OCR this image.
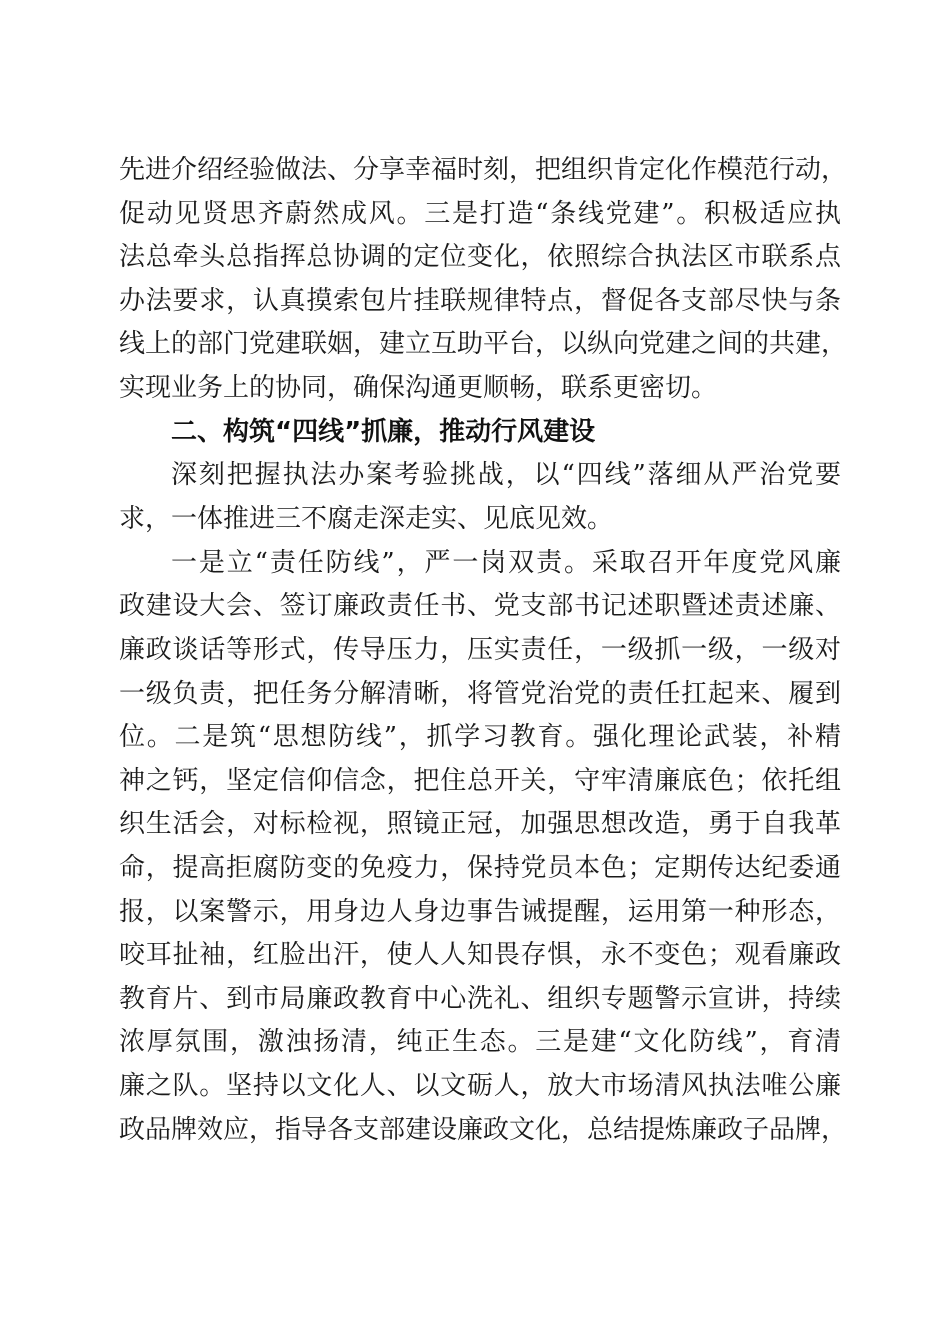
先进介绍经验做法、分享幸福时刻，把组织肯定化作模范行动，
促动见贤思齐蔚然成风。三是打造“条线党建”。积极适应执
法总牵头总指挥总协调的定位变化，依照综合执法区市联系点
办法要求，认真摸索包片挂联规律特点，督促各支部尽快与条
线上的部门党建联姻，建立互助平台，以纵向党建之间的共建，
实现业务上的协同，确保沟通更顺畅，联系更密切。
二、构筑“四线”抓廉，推动行风建设
深刻把握执法办案考验挑战，以“四线”落细从严治党要
求，一体推进三不腐走深走实、见底见效。
一是立“责任防线”，严一岗双责。采取召开年度党风廉
政建设大会、签订廉政责任书、党支部书记述职暨述责述廉、
廉政谈话等形式，传导压力，压实责任，一级抓一级，一级对
一级负责，把任务分解清晰，将管党治党的责任扛起来、履到
位。二是筑“思想防线”，抓学习教育。强化理论武装，补精
神之钙，坚定信仰信念，把住总开关，守牢清廉底色；依托组
织生活会，对标检视，照镜正冠，加强思想改造，勇于自我革
命，提高拒腐防变的免疫力，保持党员本色；定期传达纪委通
报，以案警示，用身边人身边事告诫提醒，运用第一种形态，
咬耳扯袖，红脸出汗，使人人知畏存惧，永不变色；观看廉政
教育片、到市局廉政教育中心洗礼、组织专题警示宣讲，持续
浓厚氛围，激浊扬清，纯正生态。三是建“文化防线”，育清
廉之队。坚持以文化人、以文砺人，放大市场清风执法唯公廉
政品牌效应，指导各支部建设廉政文化，总结提炼廉政子品牌，
